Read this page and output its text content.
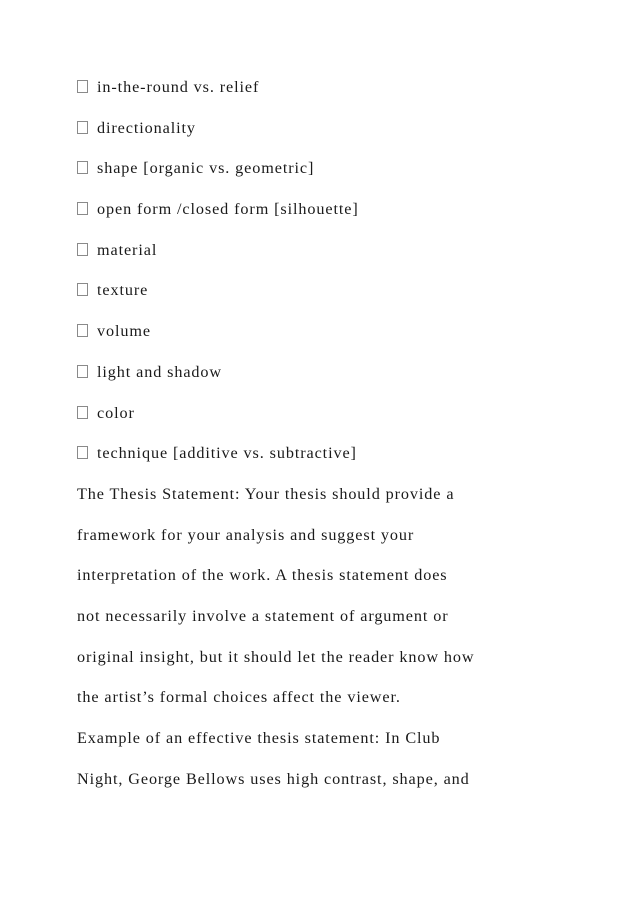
in-the-round vs. relief
directionality
shape [organic vs. geometric]
open form /closed form [silhouette]
material
texture
volume
light and shadow
color
technique [additive vs. subtractive]
The Thesis Statement: Your thesis should provide a
framework for your analysis and suggest your
interpretation of the work. A thesis statement does
not necessarily involve a statement of argument or
original insight, but it should let the reader know how
the artist’s formal choices affect the viewer.
Example of an effective thesis statement: In Club
Night, George Bellows uses high contrast, shape, and
